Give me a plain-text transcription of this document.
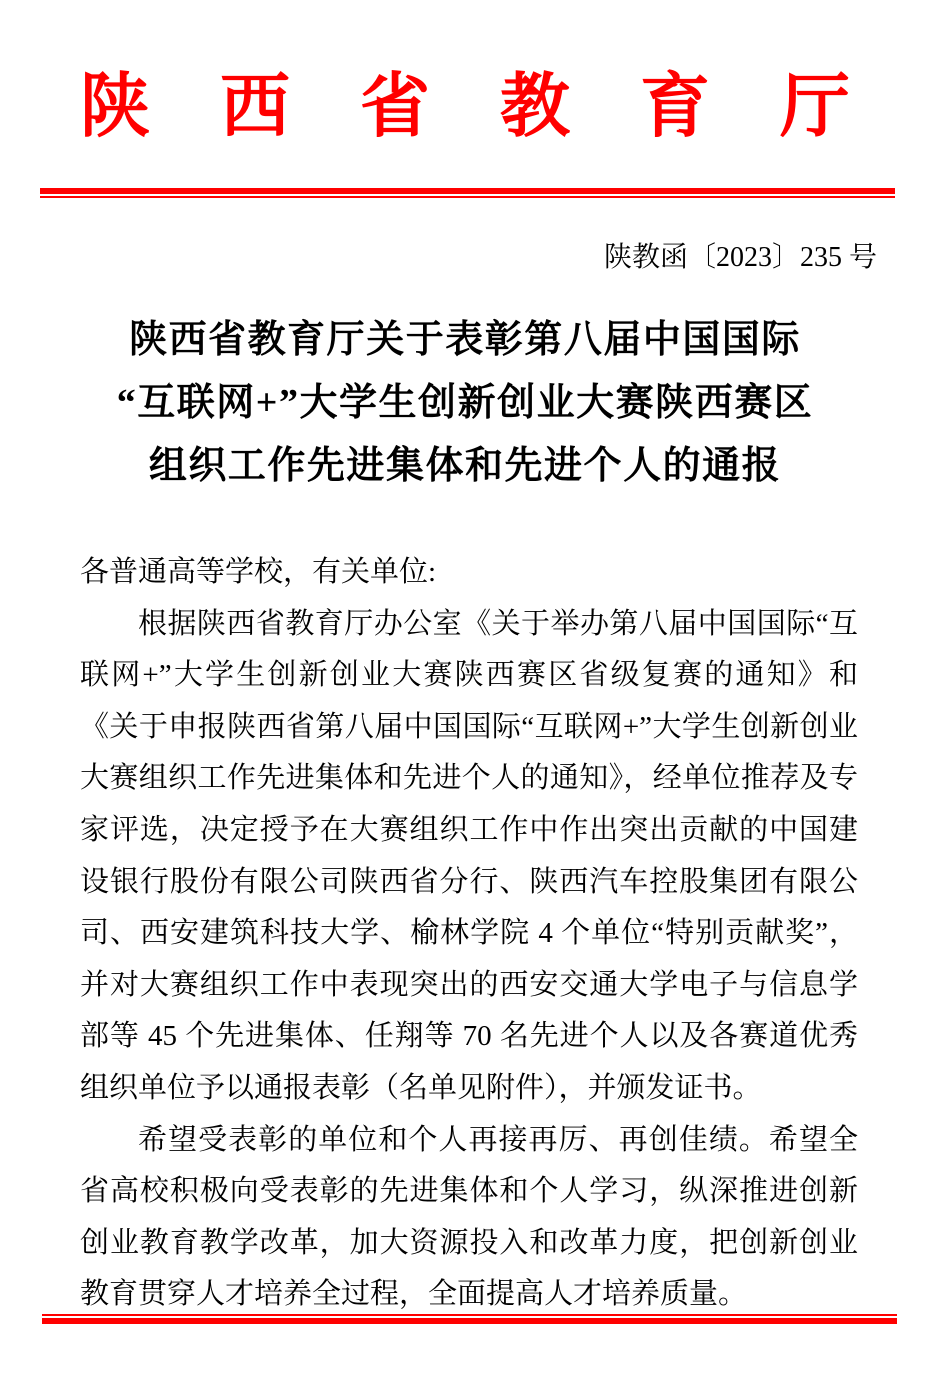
陕西省教育厅
陕教函〔2023〕235 号
陕西省教育厅关于表彰第八届中国国际
“互联网+”大学生创新创业大赛陕西赛区
组织工作先进集体和先进个人的通报
各普通高等学校，有关单位:

根据陕西省教育厅办公室《关于举办第八届中国国际“互联网+”大学生创新创业大赛陕西赛区省级复赛的通知》和《关于申报陕西省第八届中国国际“互联网+”大学生创新创业大赛组织工作先进集体和先进个人的通知》，经单位推荐及专家评选，决定授予在大赛组织工作中作出突出贡献的中国建设银行股份有限公司陕西省分行、陕西汽车控股集团有限公司、西安建筑科技大学、榆林学院 4 个单位“特别贡献奖”，并对大赛组织工作中表现突出的西安交通大学电子与信息学部等 45 个先进集体、任翔等 70 名先进个人以及各赛道优秀组织单位予以通报表彰（名单见附件），并颁发证书。

希望受表彰的单位和个人再接再厉、再创佳绩。希望全省高校积极向受表彰的先进集体和个人学习，纵深推进创新创业教育教学改革，加大资源投入和改革力度，把创新创业教育贯穿人才培养全过程，全面提高人才培养质量。
